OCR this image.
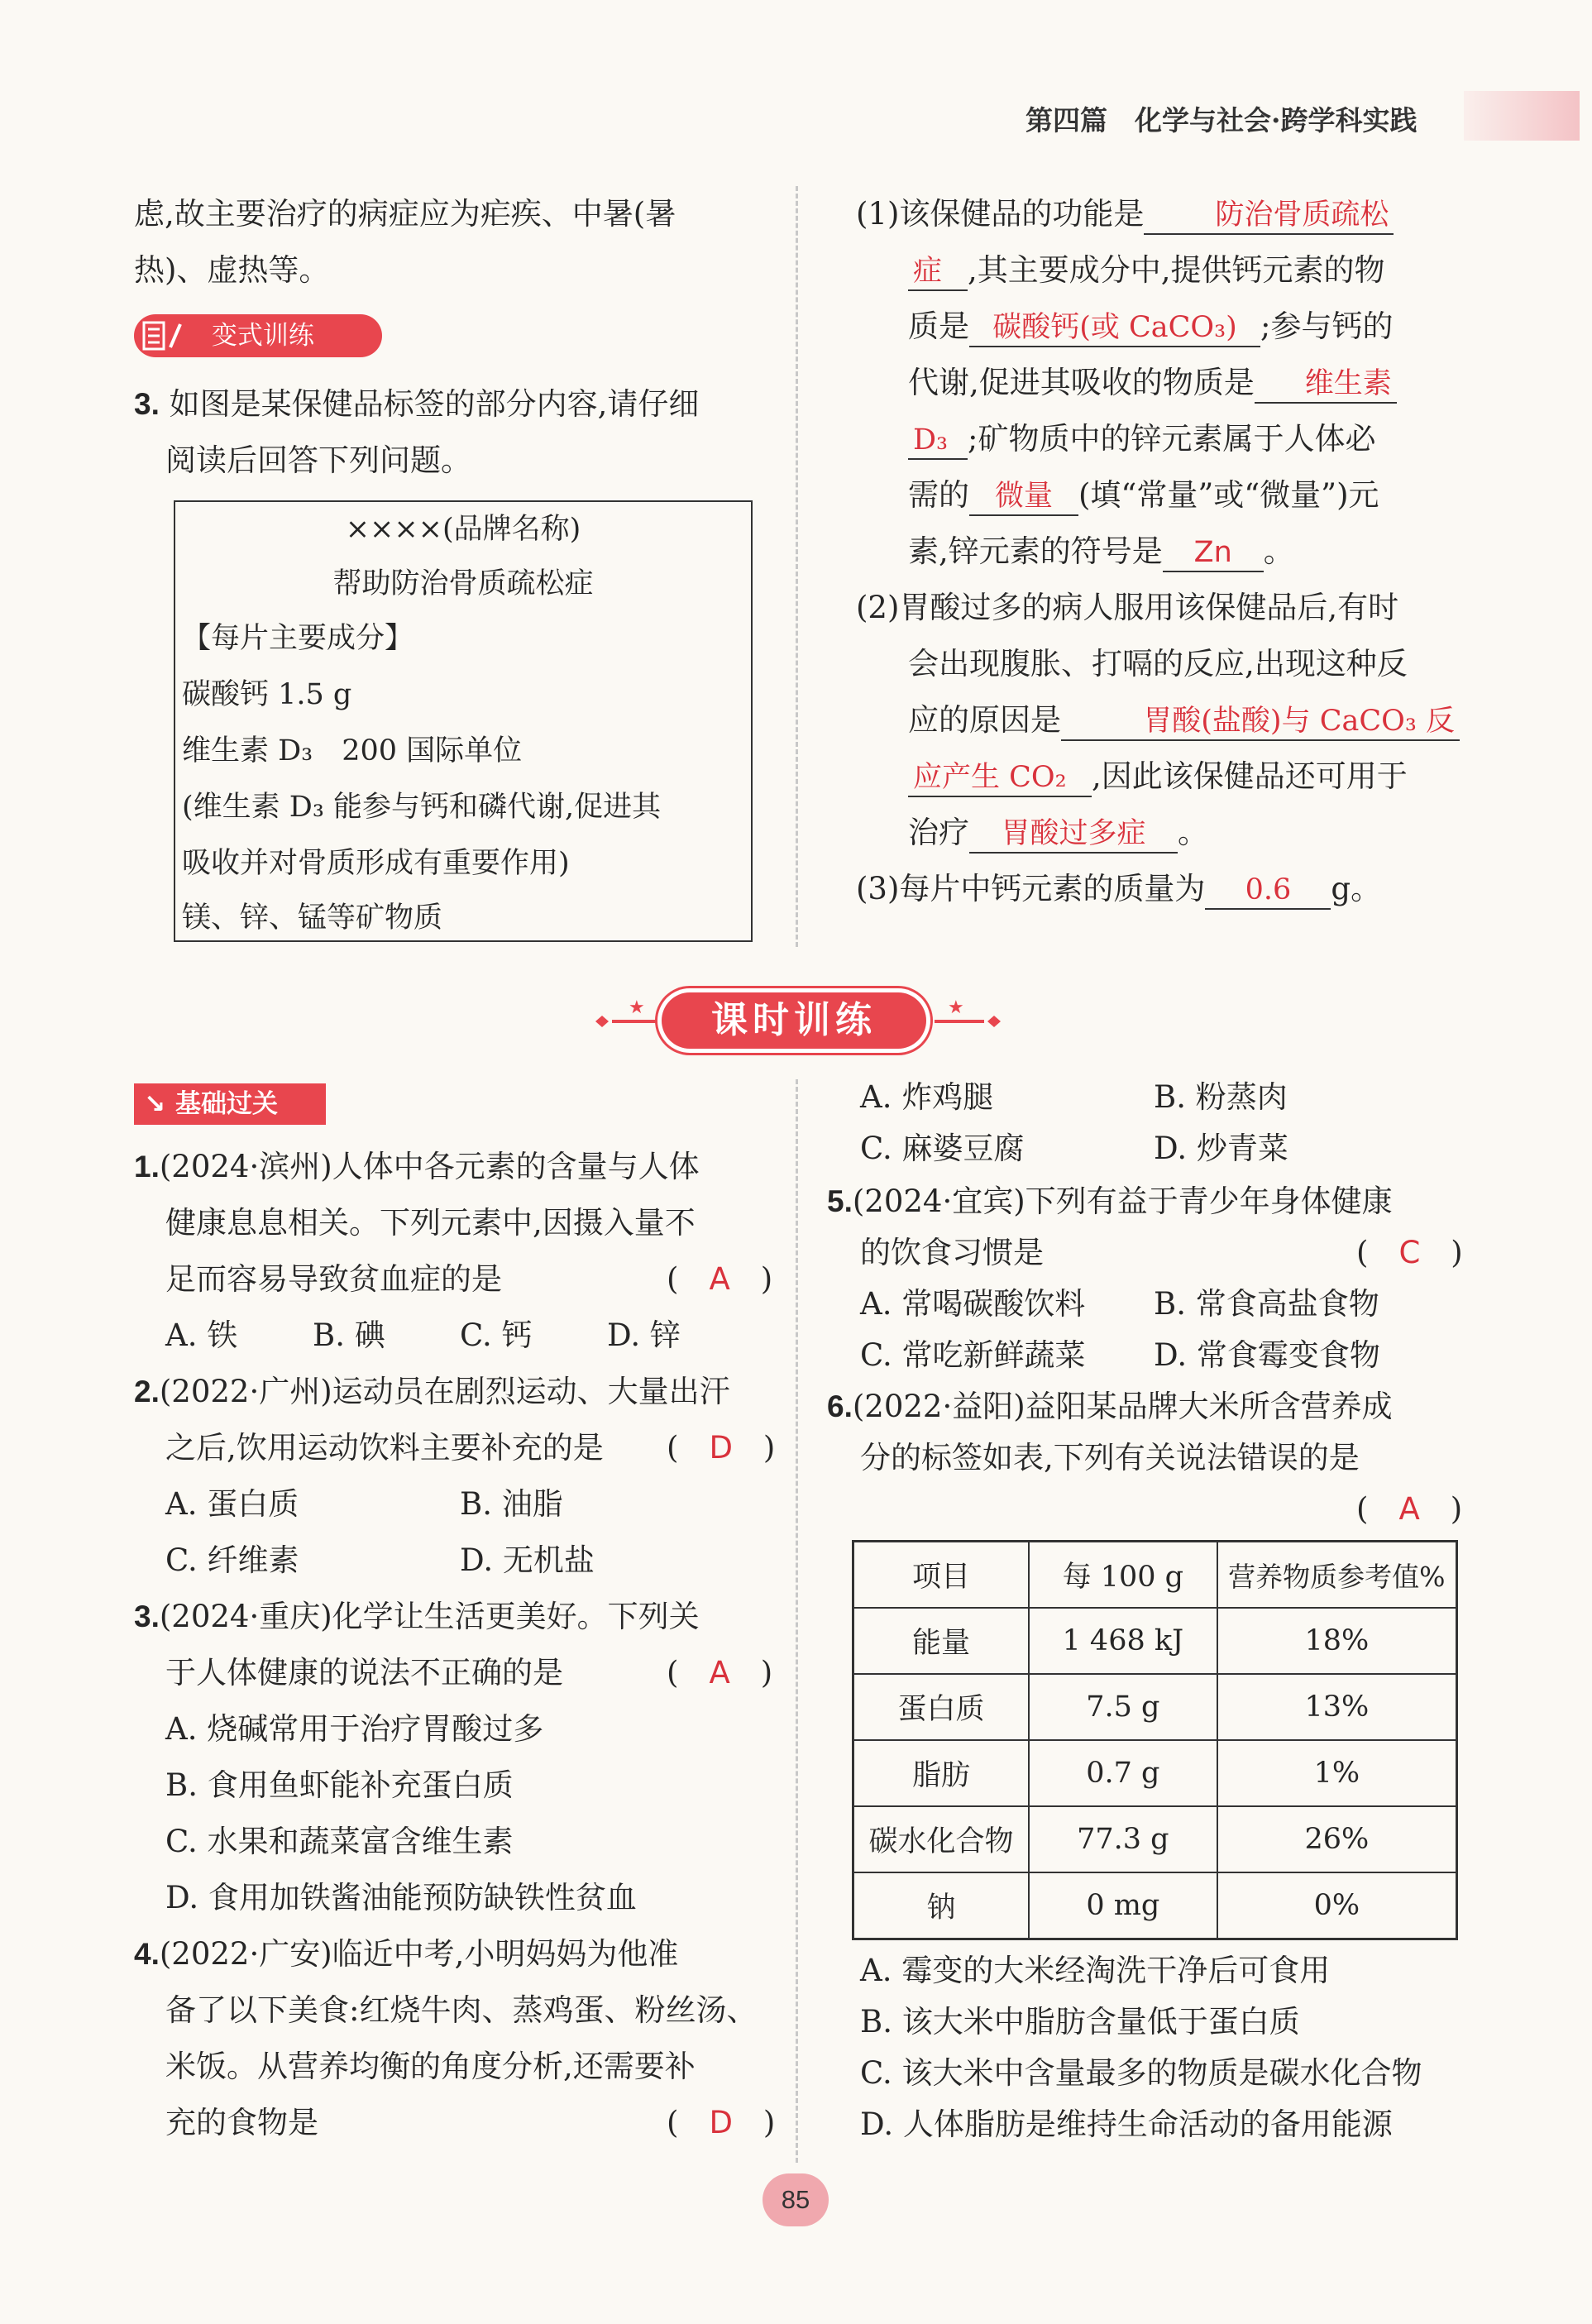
第四篇　化学与社会·跨学科实践
虑,故主要治疗的病症应为疟疾、中暑(暑
热)、虚热等。
变式训练
3. 如图是某保健品标签的部分内容,请仔细
阅读后回答下列问题。
××××(品牌名称)
帮助防治骨质疏松症
【每片主要成分】
碳酸钙 1.5 g
维生素 D₃　200 国际单位
(维生素 D₃ 能参与钙和磷代谢,促进其
吸收并对骨质形成有重要作用)
镁、锌、锰等矿物质
(1)该保健品的功能是 防治骨质疏松
症 ,其主要成分中,提供钙元素的物
质是 碳酸钙(或 CaCO₃) ;参与钙的
代谢,促进其吸收的物质是 维生素
D₃ ;矿物质中的锌元素属于人体必
需的 微量 (填“常量”或“微量”)元
素,锌元素的符号是 Zn 。
(2)胃酸过多的病人服用该保健品后,有时
会出现腹胀、打嗝的反应,出现这种反
应的原因是	胃酸(盐酸)与 CaCO₃ 反
应产生 CO₂ ,因此该保健品还可用于
治疗 胃酸过多症 。
(3)每片中钙元素的质量为 0.6 g。
★	★
课时训练
↘ 基础过关
1.(2024·滨州)人体中各元素的含量与人体
健康息息相关。下列元素中,因摄入量不
足而容易导致贫血症的是	(　A　)
A. 铁 B. 碘 C. 钙 D. 锌
2.(2022·广州)运动员在剧烈运动、大量出汗
之后,饮用运动饮料主要补充的是 (　D　)
A. 蛋白质	B. 油脂
C. 纤维素	D. 无机盐
3.(2024·重庆)化学让生活更美好。下列关
于人体健康的说法不正确的是	(　A　)
A. 烧碱常用于治疗胃酸过多
B. 食用鱼虾能补充蛋白质
C. 水果和蔬菜富含维生素
D. 食用加铁酱油能预防缺铁性贫血
4.(2022·广安)临近中考,小明妈妈为他准
备了以下美食:红烧牛肉、蒸鸡蛋、粉丝汤、
米饭。从营养均衡的角度分析,还需要补
充的食物是	(　D　)
A. 炸鸡腿	B. 粉蒸肉
C. 麻婆豆腐	D. 炒青菜
5.(2024·宜宾)下列有益于青少年身体健康
的饮食习惯是	(　C　)
A. 常喝碳酸饮料 B. 常食高盐食物
C. 常吃新鲜蔬菜 D. 常食霉变食物
6.(2022·益阳)益阳某品牌大米所含营养成
分的标签如表,下列有关说法错误的是
(　A　)
项目	每 100 g	营养物质参考值%
能量	1 468 kJ	18%
蛋白质	7.5 g	13%
脂肪	0.7 g	1%
碳水化合物	77.3 g	26%
钠	0 mg	0%
A. 霉变的大米经淘洗干净后可食用
B. 该大米中脂肪含量低于蛋白质
C. 该大米中含量最多的物质是碳水化合物
D. 人体脂肪是维持生命活动的备用能源
85
